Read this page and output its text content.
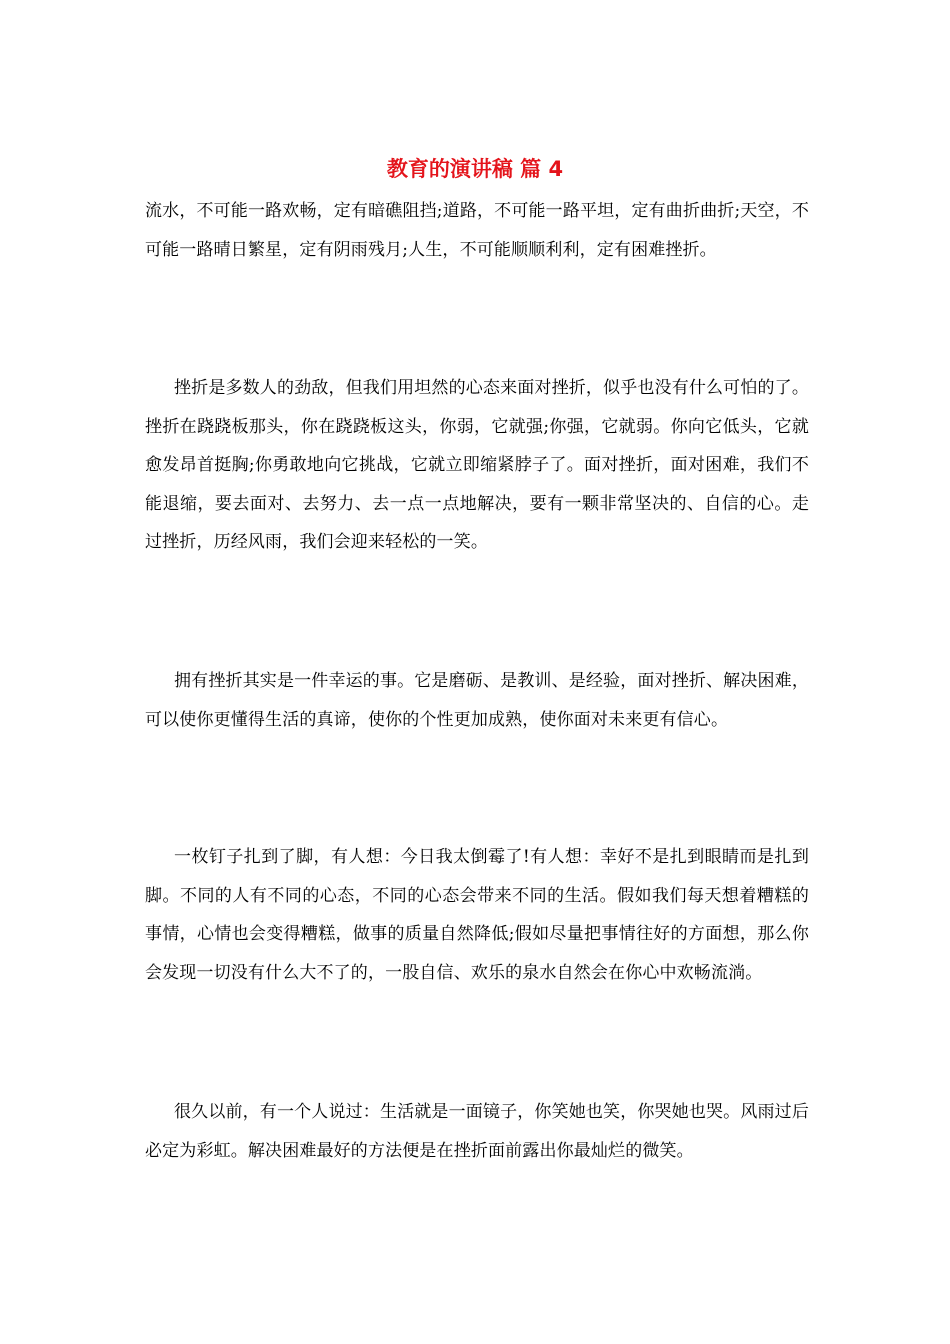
教育的演讲稿 篇 4

流水，不可能一路欢畅，定有暗礁阻挡;道路，不可能一路平坦，定有曲折曲折;天空，不可能一路晴日繁星，定有阴雨残月;人生，不可能顺顺利利，定有困难挫折。

挫折是多数人的劲敌，但我们用坦然的心态来面对挫折，似乎也没有什么可怕的了。挫折在跷跷板那头，你在跷跷板这头，你弱，它就强;你强，它就弱。你向它低头，它就愈发昂首挺胸;你勇敢地向它挑战，它就立即缩紧脖子了。面对挫折，面对困难，我们不能退缩，要去面对、去努力、去一点一点地解决，要有一颗非常坚决的、自信的心。走过挫折，历经风雨，我们会迎来轻松的一笑。

拥有挫折其实是一件幸运的事。它是磨砺、是教训、是经验，面对挫折、解决困难，可以使你更懂得生活的真谛，使你的个性更加成熟，使你面对未来更有信心。

一枚钉子扎到了脚，有人想：今日我太倒霉了!有人想：幸好不是扎到眼睛而是扎到脚。不同的人有不同的心态，不同的心态会带来不同的生活。假如我们每天想着糟糕的事情，心情也会变得糟糕，做事的质量自然降低;假如尽量把事情往好的方面想，那么你会发现一切没有什么大不了的，一股自信、欢乐的泉水自然会在你心中欢畅流淌。

很久以前，有一个人说过：生活就是一面镜子，你笑她也笑，你哭她也哭。风雨过后必定为彩虹。解决困难最好的方法便是在挫折面前露出你最灿烂的微笑。
